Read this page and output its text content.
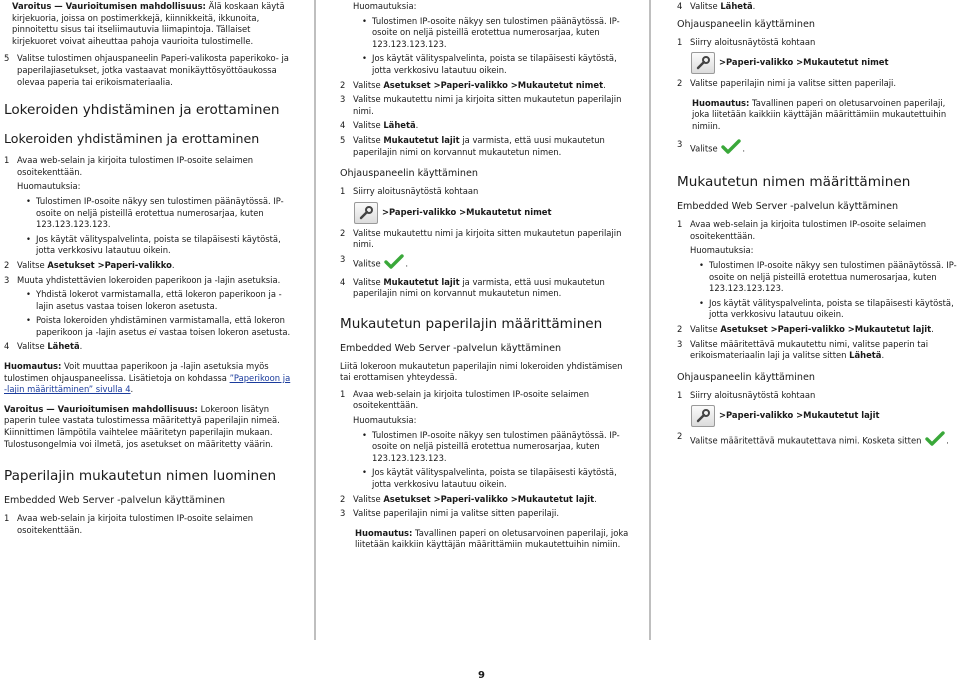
Varoitus — Vaurioitumisen mahdollisuus: Älä koskaan käytä kirjekuoria, joissa on postimerkkejä, kiinnikkeitä, ikkunoita, pinnoitettu sisus tai itseliimautuvia liimapintoja. Tällaiset kirjekuoret voivat aiheuttaa pahoja vaurioita tulostimelle.

5 Valitse tulostimen ohjauspaneelin Paperi-valikosta paperikoko- ja paperilajiasetukset, jotka vastaavat monikäyttösyöttöaukossa olevaa paperia tai erikoismateriaalia.
Lokeroiden yhdistäminen ja erottaminen
Lokeroiden yhdistäminen ja erottaminen
1 Avaa web-selain ja kirjoita tulostimen IP-osoite selaimen osoitekenttään.

Huomautuksia:

• Tulostimen IP-osoite näkyy sen tulostimen päänäytössä. IP-osoite on neljä pisteillä erotettua numerosarjaa, kuten 123.123.123.123.
• Jos käytät välityspalvelinta, poista se tilapäisesti käytöstä, jotta verkkosivu latautuu oikein.
2 Valitse Asetukset >Paperi-valikko.
3 Muuta yhdistettävien lokeroiden paperikoon ja -lajin asetuksia.
• Yhdistä lokerot varmistamalla, että lokeron paperikoon ja -lajin asetus vastaa toisen lokeron asetusta.
• Poista lokeroiden yhdistäminen varmistamalla, että lokeron paperikoon ja -lajin asetus ei vastaa toisen lokeron asetusta.
4 Valitse Lähetä.

Huomautus: Voit muuttaa paperikoon ja -lajin asetuksia myös tulostimen ohjauspaneelissa. Lisätietoja on kohdassa ”Paperikoon ja -lajin määrittäminen” sivulla 4.

Varoitus — Vaurioitumisen mahdollisuus: Lokeroon lisätyn paperin tulee vastata tulostimessa määritettyä paperilajin nimeä. Kiinnittimen lämpötila vaihtelee määritetyn paperilajin mukaan. Tulostusongelmia voi ilmetä, jos asetukset on määritetty väärin.

Paperilajin mukautetun nimen luominen
Embedded Web Server -palvelun käyttäminen
1 Avaa web-selain ja kirjoita tulostimen IP-osoite selaimen osoitekenttään.

Huomautuksia:

• Tulostimen IP-osoite näkyy sen tulostimen päänäytössä. IP-osoite on neljä pisteillä erotettua numerosarjaa, kuten 123.123.123.123.
• Jos käytät välityspalvelinta, poista se tilapäisesti käytöstä, jotta verkkosivu latautuu oikein.
2 Valitse Asetukset >Paperi-valikko >Mukautetut nimet.
3 Valitse mukautettu nimi ja kirjoita sitten mukautetun paperilajin nimi.
4 Valitse Lähetä.
5 Valitse Mukautetut lajit ja varmista, että uusi mukautetun paperilajin nimi on korvannut mukautetun nimen.
Ohjauspaneelin käyttäminen
1 Siirry aloitusnäytöstä kohtaan
>Paperi-valikko >Mukautetut nimet
2 Valitse mukautettu nimi ja kirjoita sitten mukautetun paperilajin nimi.
3 Valitse	.
4 Valitse Mukautetut lajit ja varmista, että uusi mukautetun paperilajin nimi on korvannut mukautetun nimen.
Mukautetun paperilajin määrittäminen
Embedded Web Server -palvelun käyttäminen

Liitä lokeroon mukautetun paperilajin nimi lokeroiden yhdistämisen tai erottamisen yhteydessä.

1 Avaa web-selain ja kirjoita tulostimen IP-osoite selaimen osoitekenttään.

Huomautuksia:

• Tulostimen IP-osoite näkyy sen tulostimen päänäytössä. IP-osoite on neljä pisteillä erotettua numerosarjaa, kuten 123.123.123.123.
• Jos käytät välityspalvelinta, poista se tilapäisesti käytöstä, jotta verkkosivu latautuu oikein.
2 Valitse Asetukset >Paperi-valikko >Mukautetut lajit.
3 Valitse paperilajin nimi ja valitse sitten paperilaji.

Huomautus: Tavallinen paperi on oletusarvoinen paperilaji, joka liitetään kaikkiin käyttäjän määrittämiin mukautettuihin nimiin.

4 Valitse Lähetä.
Ohjauspaneelin käyttäminen
1 Siirry aloitusnäytöstä kohtaan
>Paperi-valikko >Mukautetut nimet
2 Valitse paperilajin nimi ja valitse sitten paperilaji.

Huomautus: Tavallinen paperi on oletusarvoinen paperilaji, joka liitetään kaikkiin käyttäjän määrittämiin mukautettuihin nimiin.

3 Valitse	.
Mukautetun nimen määrittäminen
Embedded Web Server -palvelun käyttäminen
1 Avaa web-selain ja kirjoita tulostimen IP-osoite selaimen osoitekenttään.

Huomautuksia:

• Tulostimen IP-osoite näkyy sen tulostimen päänäytössä. IP-osoite on neljä pisteillä erotettua numerosarjaa, kuten 123.123.123.123.
• Jos käytät välityspalvelinta, poista se tilapäisesti käytöstä, jotta verkkosivu latautuu oikein.
2 Valitse Asetukset >Paperi-valikko >Mukautetut lajit.
3 Valitse määritettävä mukautettu nimi, valitse paperin tai erikoismateriaalin laji ja valitse sitten Lähetä.
Ohjauspaneelin käyttäminen
1 Siirry aloitusnäytöstä kohtaan
>Paperi-valikko >Mukautetut lajit
2 Valitse määritettävä mukautettava nimi. Kosketa sitten	.
9
